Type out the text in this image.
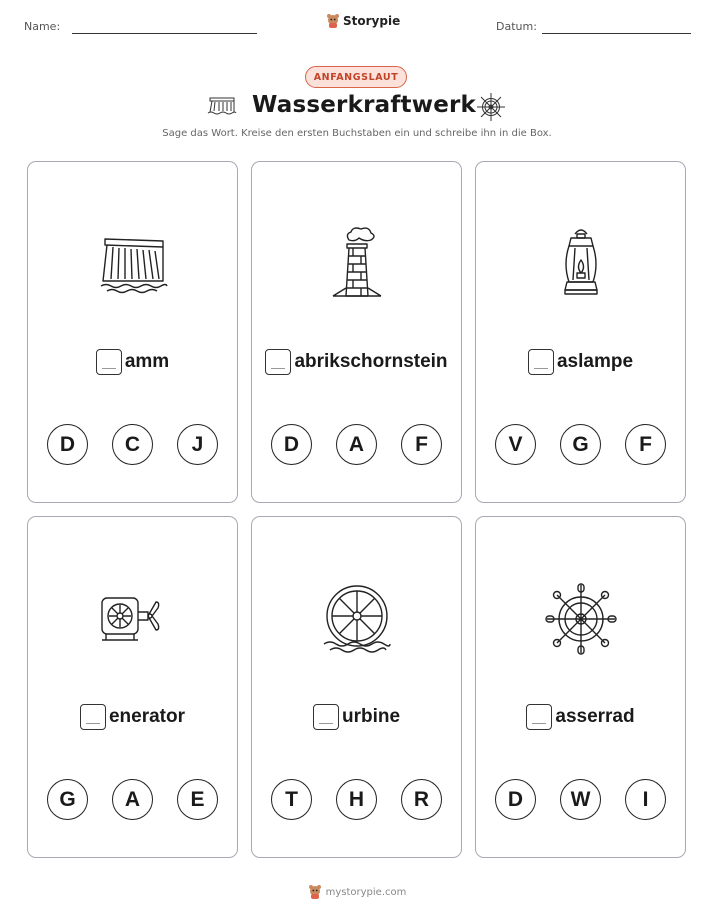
Name:	Storypie	Datum:
ANFANGSLAUT
Wasserkraftwerk
Sage das Wort. Kreise den ersten Buchstaben ein und schreibe ihn in die Box.
amm
D	C	J
abrikschornstein
D	A	F
aslampe
V	G	F
enerator
G	A	E
urbine
T	H	R
asserrad
D	W	I
mystorypie.com
